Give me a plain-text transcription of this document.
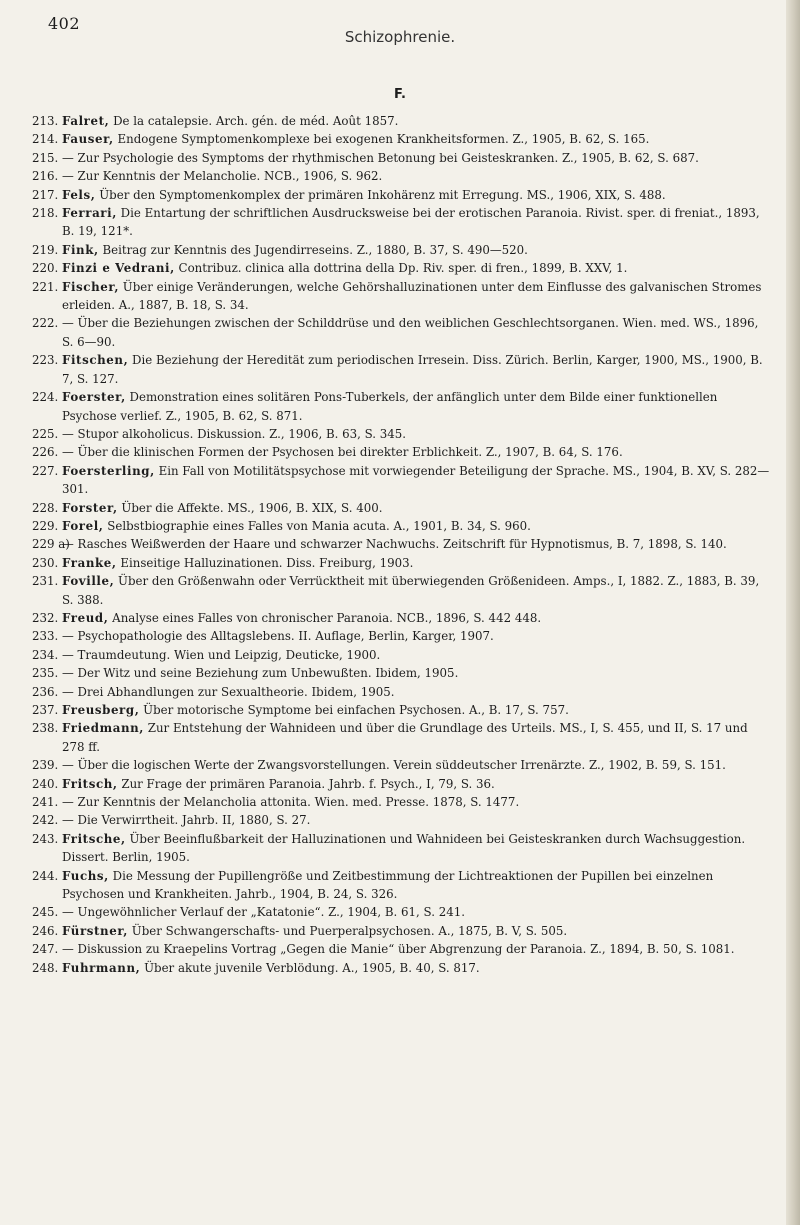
402
Schizophrenie.
F.
213. Falret, De la catalepsie. Arch. gén. de méd. Août 1857.
214. Fauser, Endogene Symptomenkomplexe bei exogenen Krankheitsformen. Z., 1905, B. 62, S. 165.
215. — Zur Psychologie des Symptoms der rhythmischen Betonung bei Geisteskranken. Z., 1905, B. 62, S. 687.
216. — Zur Kenntnis der Melancholie. NCB., 1906, S. 962.
217. Fels, Über den Symptomenkomplex der primären Inkohärenz mit Erregung. MS., 1906, XIX, S. 488.
218. Ferrari, Die Entartung der schriftlichen Ausdrucksweise bei der erotischen Paranoia. Rivist. sper. di freniat., 1893, B. 19, 121*.
219. Fink, Beitrag zur Kenntnis des Jugendirreseins. Z., 1880, B. 37, S. 490—520.
220. Finzi e Vedrani, Contribuz. clinica alla dottrina della Dp. Riv. sper. di fren., 1899, B. XXV, 1.
221. Fischer, Über einige Veränderungen, welche Gehörshalluzinationen unter dem Einflusse des galvanischen Stromes erleiden. A., 1887, B. 18, S. 34.
222. — Über die Beziehungen zwischen der Schilddrüse und den weiblichen Geschlechtsorganen. Wien. med. WS., 1896, S. 6—90.
223. Fitschen, Die Beziehung der Heredität zum periodischen Irresein. Diss. Zürich. Berlin, Karger, 1900, MS., 1900, B. 7, S. 127.
224. Foerster, Demonstration eines solitären Pons-Tuberkels, der anfänglich unter dem Bilde einer funktionellen Psychose verlief. Z., 1905, B. 62, S. 871.
225. — Stupor alkoholicus. Diskussion. Z., 1906, B. 63, S. 345.
226. — Über die klinischen Formen der Psychosen bei direkter Erblichkeit. Z., 1907, B. 64, S. 176.
227. Foersterling, Ein Fall von Motilitätspsychose mit vorwiegender Beteiligung der Sprache. MS., 1904, B. XV, S. 282—301.
228. Forster, Über die Affekte. MS., 1906, B. XIX, S. 400.
229. Forel, Selbstbiographie eines Falles von Mania acuta. A., 1901, B. 34, S. 960.
229 a)
— Rasches Weißwerden der Haare und schwarzer Nachwuchs. Zeitschrift für Hypnotismus, B. 7, 1898, S. 140.
230. Franke, Einseitige Halluzinationen. Diss. Freiburg, 1903.
231. Foville, Über den Größenwahn oder Verrücktheit mit überwiegenden Größenideen. Amps., I, 1882. Z., 1883, B. 39, S. 388.
232. Freud, Analyse eines Falles von chronischer Paranoia. NCB., 1896, S. 442 448.
233. — Psychopathologie des Alltagslebens. II. Auflage, Berlin, Karger, 1907.
234. — Traumdeutung. Wien und Leipzig, Deuticke, 1900.
235. — Der Witz und seine Beziehung zum Unbewußten. Ibidem, 1905.
236. — Drei Abhandlungen zur Sexualtheorie. Ibidem, 1905.
237. Freusberg, Über motorische Symptome bei einfachen Psychosen. A., B. 17, S. 757.
238. Friedmann, Zur Entstehung der Wahnideen und über die Grundlage des Urteils. MS., I, S. 455, und II, S. 17 und 278 ff.
239. — Über die logischen Werte der Zwangsvorstellungen. Verein süddeutscher Irrenärzte. Z., 1902, B. 59, S. 151.
240. Fritsch, Zur Frage der primären Paranoia. Jahrb. f. Psych., I, 79, S. 36.
241. — Zur Kenntnis der Melancholia attonita. Wien. med. Presse. 1878, S. 1477.
242. — Die Verwirrtheit. Jahrb. II, 1880, S. 27.
243. Fritsche, Über Beeinflußbarkeit der Halluzinationen und Wahnideen bei Geisteskranken durch Wachsuggestion. Dissert. Berlin, 1905.
244. Fuchs, Die Messung der Pupillengröße und Zeitbestimmung der Lichtreaktionen der Pupillen bei einzelnen Psychosen und Krankheiten. Jahrb., 1904, B. 24, S. 326.
245. — Ungewöhnlicher Verlauf der „Katatonie“. Z., 1904, B. 61, S. 241.
246. Fürstner, Über Schwangerschafts- und Puerperalpsychosen. A., 1875, B. V, S. 505.
247. — Diskussion zu Kraepelins Vortrag „Gegen die Manie“ über Abgrenzung der Paranoia. Z., 1894, B. 50, S. 1081.
248. Fuhrmann, Über akute juvenile Verblödung. A., 1905, B. 40, S. 817.
